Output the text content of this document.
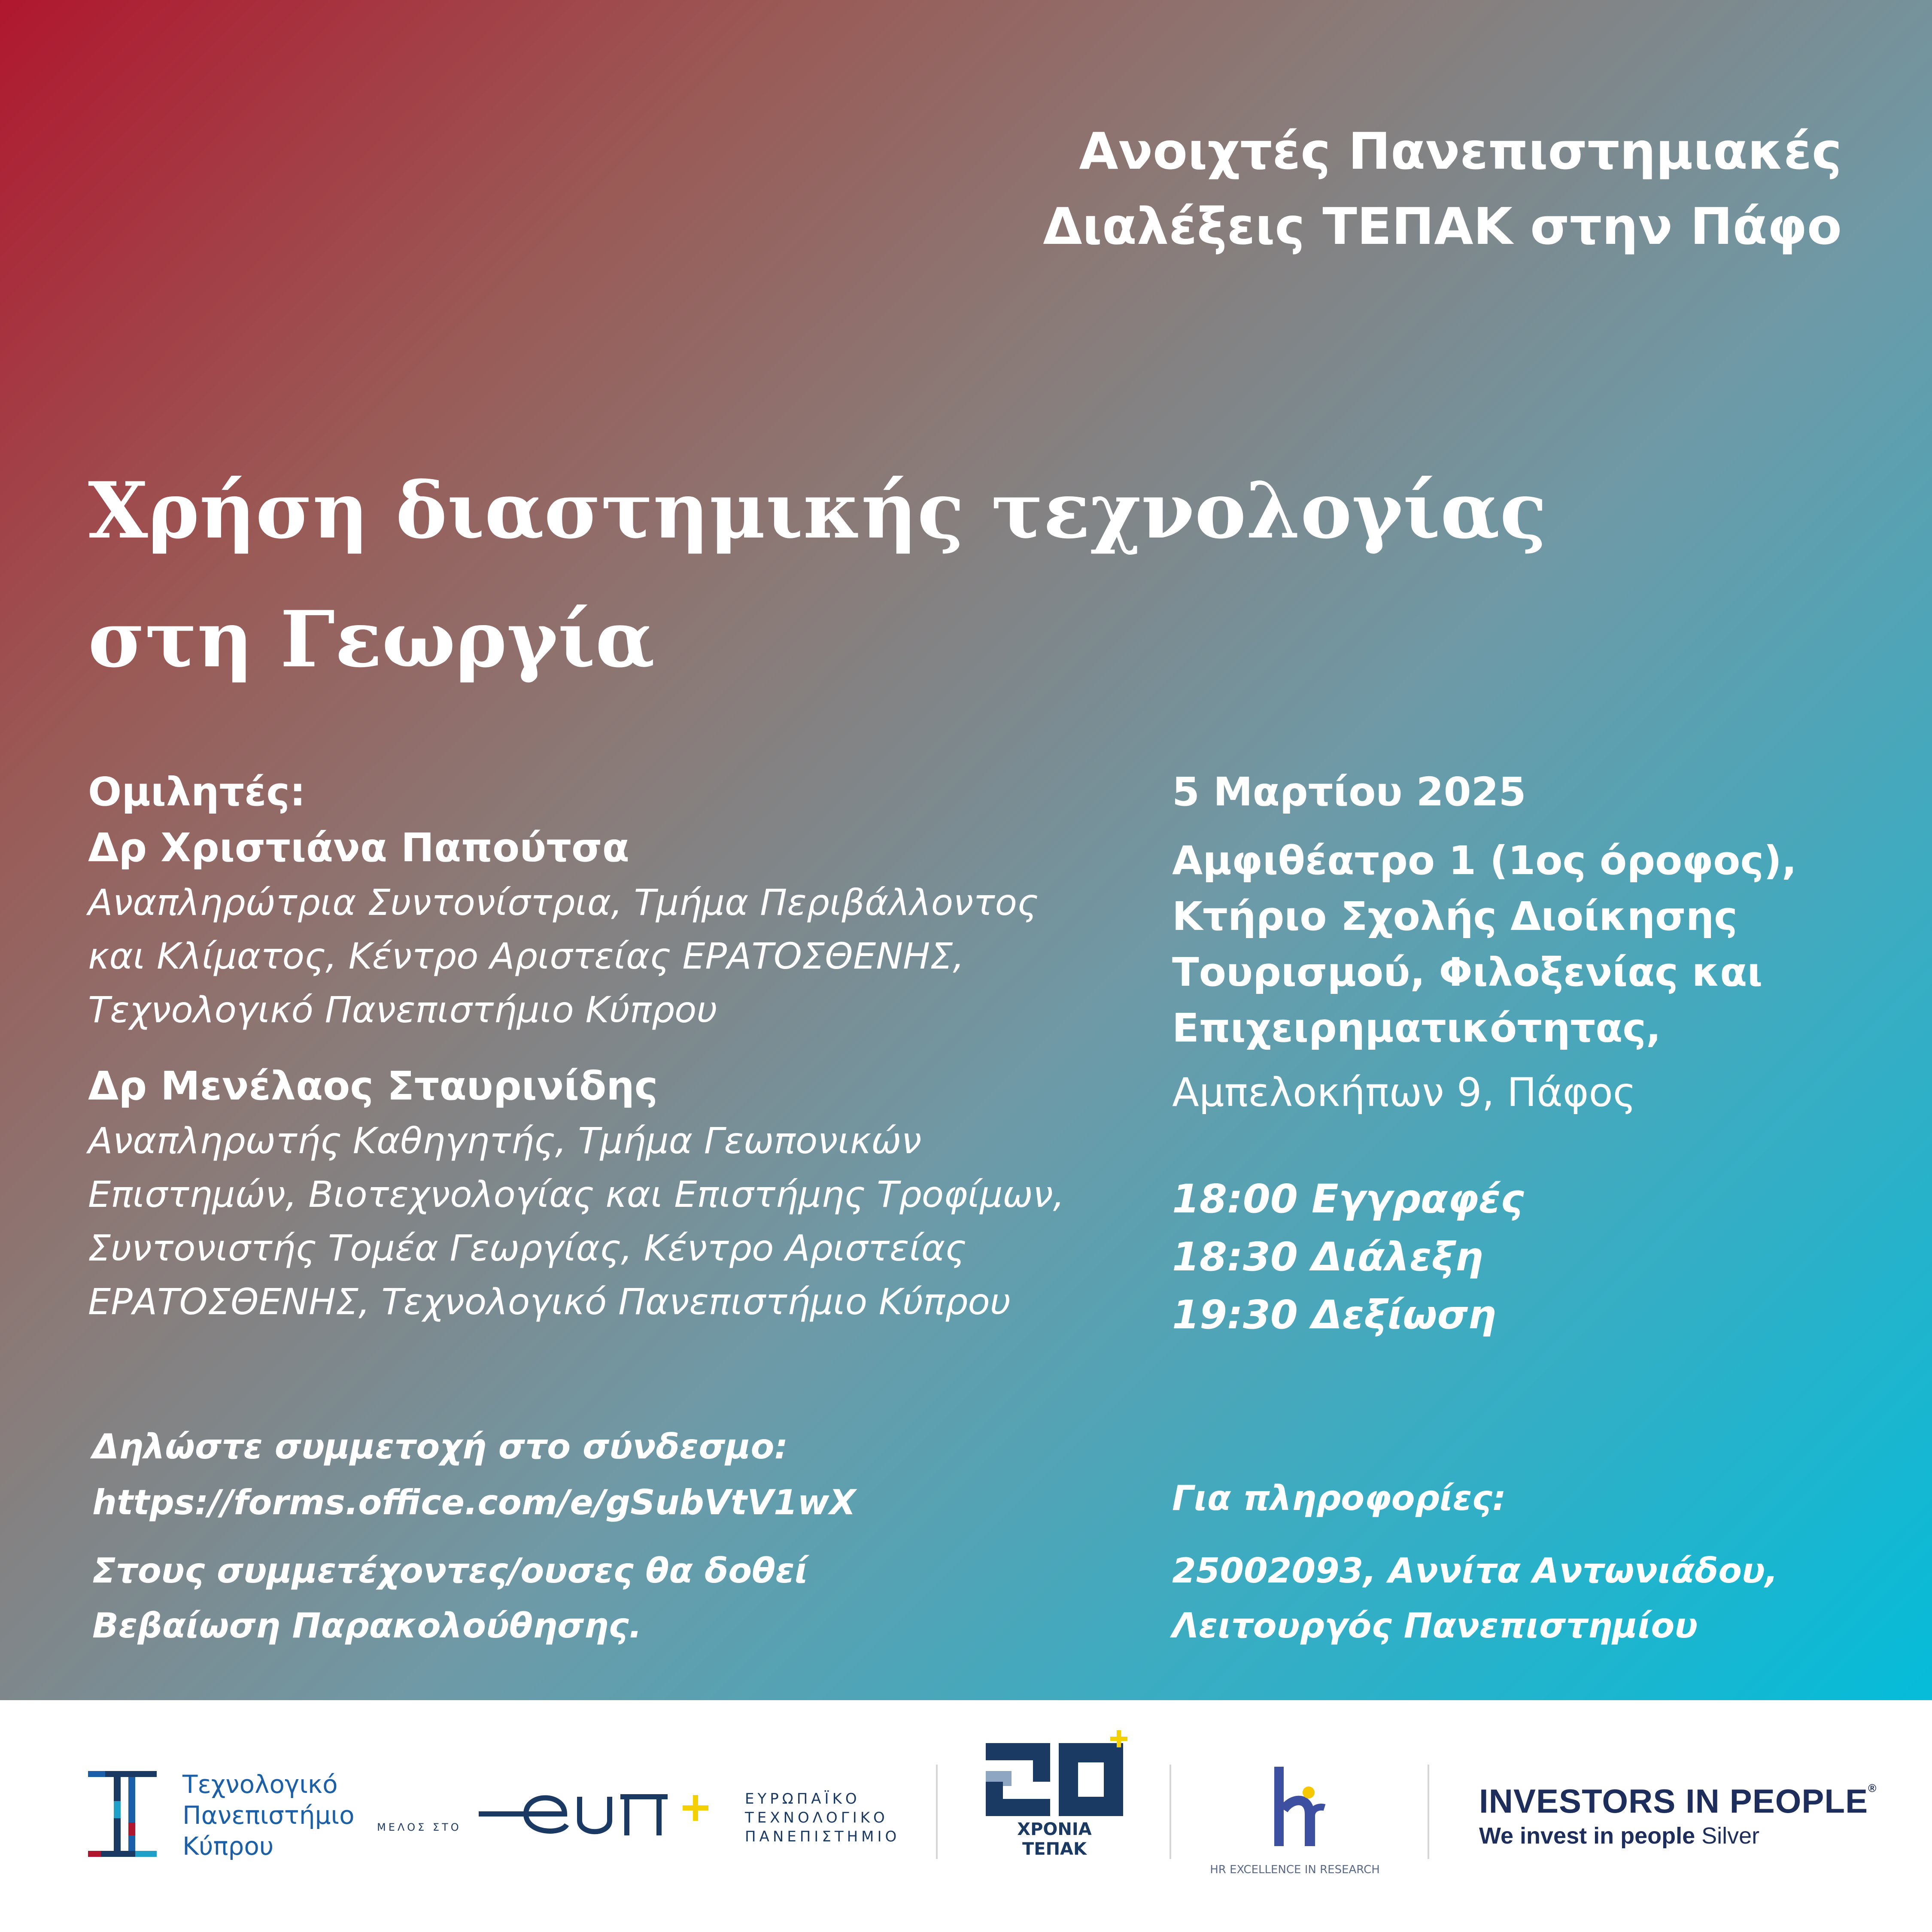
Ανοιχτές Πανεπιστημιακές
Διαλέξεις ΤΕΠΑΚ στην Πάφο
Χρήση διαστημικής τεχνολογίας
στη Γεωργία
Ομιλητές:
Δρ Χριστιάνα Παπούτσα
Αναπληρώτρια Συντονίστρια, Τμήμα Περιβάλλοντος
και Κλίματος, Κέντρο Αριστείας ΕΡΑΤΟΣΘΕΝΗΣ,
Τεχνολογικό Πανεπιστήμιο Κύπρου
Δρ Μενέλαος Σταυρινίδης
Αναπληρωτής Καθηγητής, Τμήμα Γεωπονικών
Επιστημών, Βιοτεχνολογίας και Επιστήμης Τροφίμων,
Συντονιστής Τομέα Γεωργίας, Κέντρο Αριστείας
ΕΡΑΤΟΣΘΕΝΗΣ, Τεχνολογικό Πανεπιστήμιο Κύπρου
5 Μαρτίου 2025
Αμφιθέατρο 1 (1ος όροφος),
Κτήριο Σχολής Διοίκησης
Τουρισμού, Φιλοξενίας και
Επιχειρηματικότητας,
Αμπελοκήπων 9, Πάφος
18:00 Εγγραφές
18:30 Διάλεξη
19:30 Δεξίωση
Δηλώστε συμμετοχή στο σύνδεσμο:
https://forms.office.com/e/gSubVtV1wX
Στους συμμετέχοντες/ουσες θα δοθεί
Βεβαίωση Παρακολούθησης.
Για πληροφορίες:
25002093, Αννίτα Αντωνιάδου,
Λειτουργός Πανεπιστημίου
Τεχνολογικό
Πανεπιστήμιο
Κύπρου
ΜΕΛΟΣ ΣΤΟ
ΕΥΡΩΠΑΪΚΟ
ΤΕΧΝΟΛΟΓΙΚΟ
ΠΑΝΕΠΙΣΤΗΜΙΟ	ΧΡΟΝΙΑ ΤΕΠΑΚ
HR EXCELLENCE IN RESEARCH
INVESTORS IN PEOPLE®
We invest in people Silver
